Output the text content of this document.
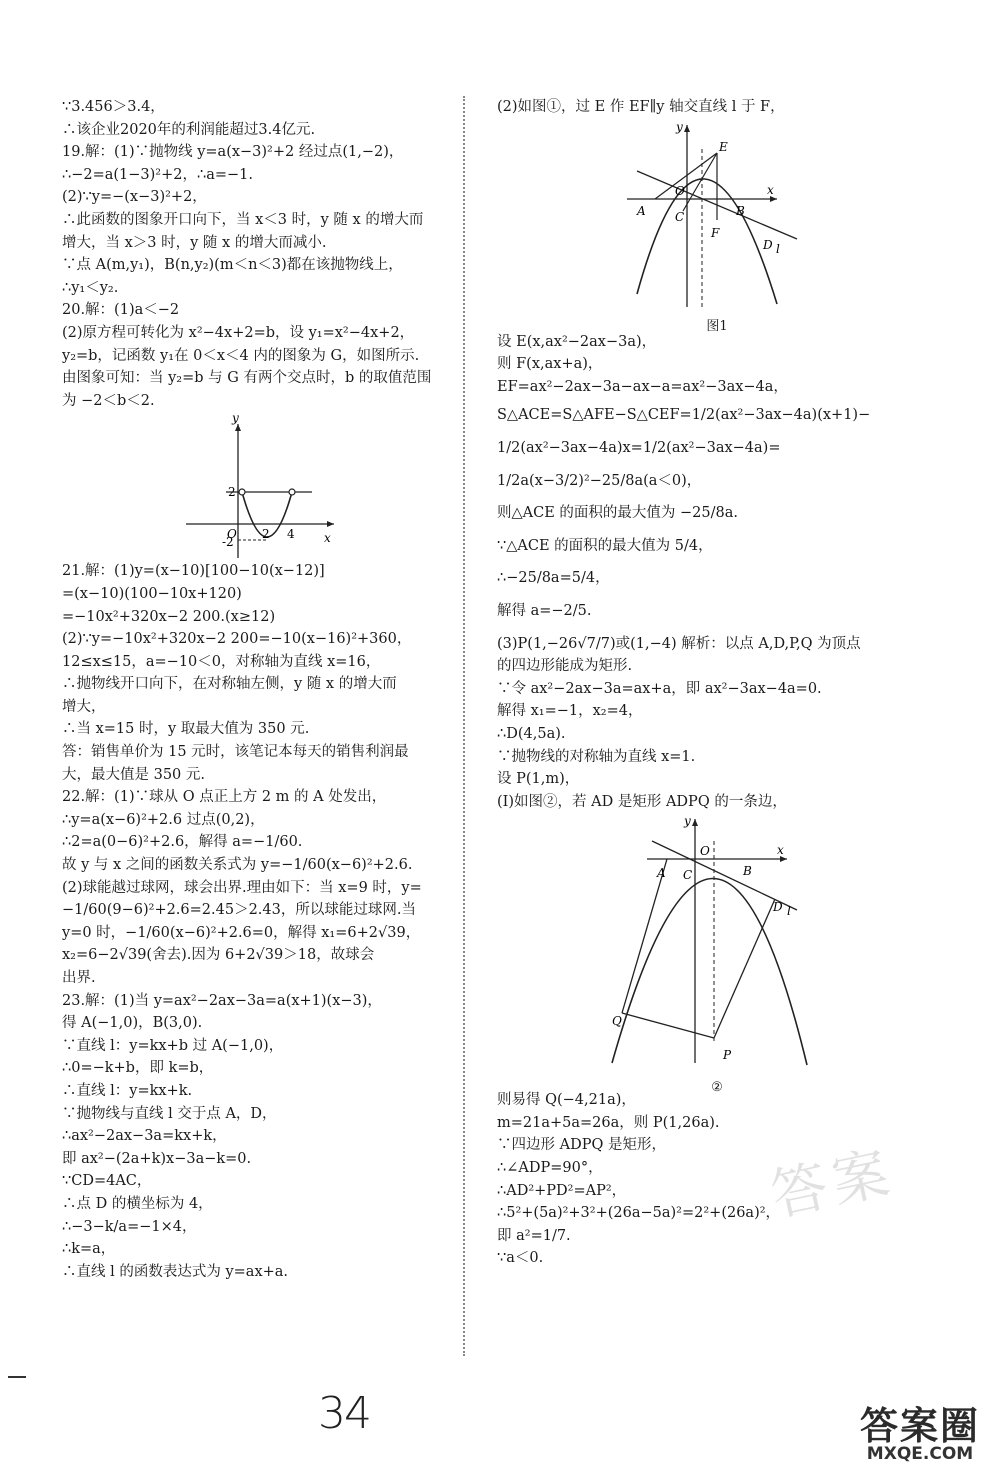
∵3.456＞3.4，
∴该企业2020年的利润能超过3.4亿元.
19.解：(1)∵抛物线 y=a(x−3)²+2 经过点(1,−2)，
∴−2=a(1−3)²+2，∴a=−1.
(2)∵y=−(x−3)²+2，
∴此函数的图象开口向下，当 x＜3 时，y 随 x 的增大而
增大，当 x＞3 时，y 随 x 的增大而减小.
∵点 A(m,y₁)，B(n,y₂)(m＜n＜3)都在该抛物线上，
∴y₁＜y₂.
20.解：(1)a＜−2
(2)原方程可转化为 x²−4x+2=b，设 y₁=x²−4x+2，
y₂=b，记函数 y₁在 0＜x＜4 内的图象为 G，如图所示.
由图象可知：当 y₂=b 与 G 有两个交点时，b 的取值范围
为 −2＜b＜2.
y
x
2
O 2 4
-2
21.解：(1)y=(x−10)[100−10(x−12)]
=(x−10)(100−10x+120)
=−10x²+320x−2 200.(x≥12)
(2)∵y=−10x²+320x−2 200=−10(x−16)²+360，
12≤x≤15，a=−10＜0，对称轴为直线 x=16，
∴抛物线开口向下，在对称轴左侧，y 随 x 的增大而
增大，
∴当 x=15 时，y 取最大值为 350 元.
答：销售单价为 15 元时，该笔记本每天的销售利润最
大，最大值是 350 元.
22.解：(1)∵球从 O 点正上方 2 m 的 A 处发出，
∴y=a(x−6)²+2.6 过点(0,2)，
∴2=a(0−6)²+2.6，解得 a=−1/60.
故 y 与 x 之间的函数关系式为 y=−1/60(x−6)²+2.6.
(2)球能越过球网，球会出界.理由如下：当 x=9 时，y=
−1/60(9−6)²+2.6=2.45＞2.43，所以球能过球网.当
y=0 时，−1/60(x−6)²+2.6=0，解得 x₁=6+2√39，
x₂=6−2√39(舍去).因为 6+2√39＞18，故球会
出界.
23.解：(1)当 y=ax²−2ax−3a=a(x+1)(x−3)，
得 A(−1,0)，B(3,0).
∵直线 l：y=kx+b 过 A(−1,0)，
∴0=−k+b，即 k=b，
∴直线 l：y=kx+k.
∵抛物线与直线 l 交于点 A，D，
∴ax²−2ax−3a=kx+k，
即 ax²−(2a+k)x−3a−k=0.
∵CD=4AC，
∴点 D 的横坐标为 4，
∴−3−k/a=−1×4，
∴k=a，
∴直线 l 的函数表达式为 y=ax+a.
(2)如图①，过 E 作 EF∥y 轴交直线 l 于 F，
x
y
A C
O
E
B
F
D l
图1
设 E(x,ax²−2ax−3a)，
则 F(x,ax+a)，
EF=ax²−2ax−3a−ax−a=ax²−3ax−4a，
S△ACE=S△AFE−S△CEF=1/2(ax²−3ax−4a)(x+1)−
1/2(ax²−3ax−4a)x=1/2(ax²−3ax−4a)=
1/2a(x−3/2)²−25/8a(a＜0)，
则△ACE 的面积的最大值为 −25/8a.
∵△ACE 的面积的最大值为 5/4，
∴−25/8a=5/4，
解得 a=−2/5.
(3)P(1,−26√7/7)或(1,−4) 解析：以点 A,D,P,Q 为顶点
的四边形能成为矩形.
∵令 ax²−2ax−3a=ax+a，即 ax²−3ax−4a=0.
解得 x₁=−1，x₂=4，
∴D(4,5a).
∵抛物线的对称轴为直线 x=1.
设 P(1,m)，
(Ⅰ)如图②，若 AD 是矩形 ADPQ 的一条边，
x
y
A C
O
B
D l
Q
P
②
则易得 Q(−4,21a)，
m=21a+5a=26a，则 P(1,26a).
∵四边形 ADPQ 是矩形，
∴∠ADP=90°，
∴AD²+PD²=AP²，
∴5²+(5a)²+3²+(26a−5a)²=2²+(26a)²，
即 a²=1/7.
∵a＜0.
答案
34	答案圈
MXQE.COM
